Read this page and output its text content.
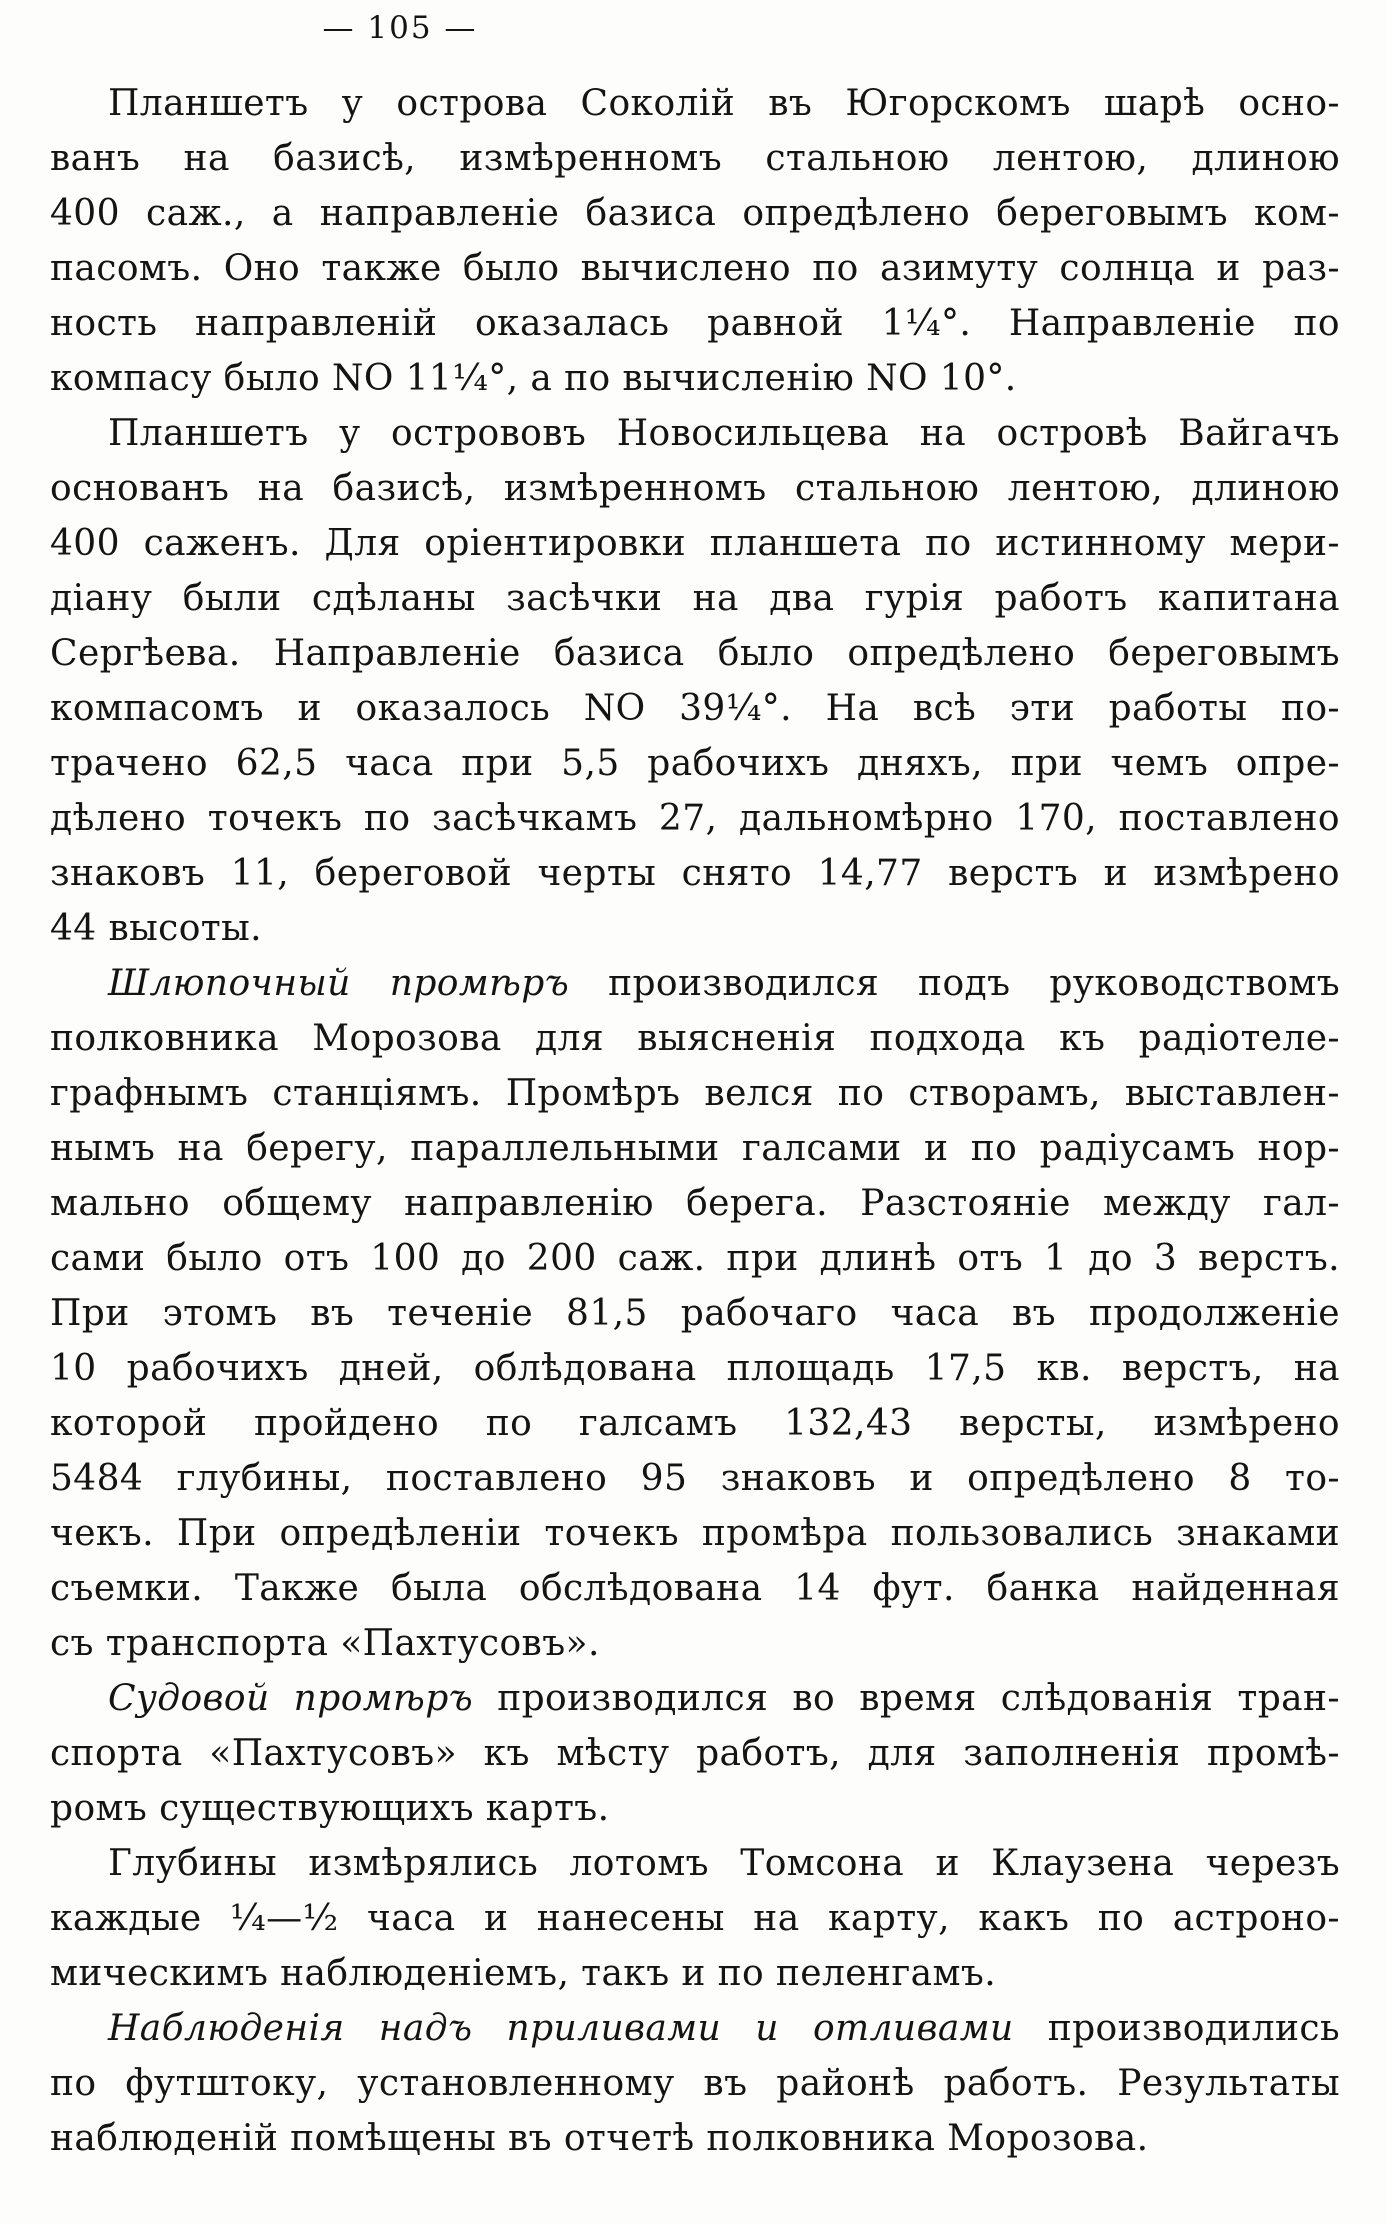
— 105 —
Планшетъ у острова Соколій въ Югорскомъ шарѣ осно-
ванъ на базисѣ, измѣренномъ стальною лентою, длиною
400 саж., а направленіе базиса опредѣлено береговымъ ком-
пасомъ. Оно также было вычислено по азимуту солнца и раз-
ность направленій оказалась равной 1¹⁄₄°. Направленіе по
компасу было NO 11¹⁄₄°, а по вычисленію NO 10°.
Планшетъ у острововъ Новосильцева на островѣ Вайгачъ
основанъ на базисѣ, измѣренномъ стальною лентою, длиною
400 саженъ. Для оріентировки планшета по истинному мери-
діану были сдѣланы засѣчки на два гурія работъ капитана
Сергѣева. Направленіе базиса было опредѣлено береговымъ
компасомъ и оказалось NO 39¹⁄₄°. На всѣ эти работы по-
трачено 62,5 часа при 5,5 рабочихъ дняхъ, при чемъ опре-
дѣлено точекъ по засѣчкамъ 27, дальномѣрно 170, поставлено
знаковъ 11, береговой черты снято 14,77 верстъ и измѣрено
44 высоты.
Шлюпочный промѣръ производился подъ руководствомъ
полковника Морозова для выясненія подхода къ радіотеле-
графнымъ станціямъ. Промѣръ велся по створамъ, выставлен-
нымъ на берегу, параллельными галсами и по радіусамъ нор-
мально общему направленію берега. Разстояніе между гал-
сами было отъ 100 до 200 саж. при длинѣ отъ 1 до 3 верстъ.
При этомъ въ теченіе 81,5 рабочаго часа въ продолженіе
10 рабочихъ дней, облѣдована площадь 17,5 кв. верстъ, на
которой пройдено по галсамъ 132,43 версты, измѣрено
5484 глубины, поставлено 95 знаковъ и опредѣлено 8 то-
чекъ. При опредѣленіи точекъ промѣра пользовались знаками
съемки. Также была обслѣдована 14 фут. банка найденная
съ транспорта «Пахтусовъ».
Судовой промѣръ производился во время слѣдованія тран-
спорта «Пахтусовъ» къ мѣсту работъ, для заполненія промѣ-
ромъ существующихъ картъ.
Глубины измѣрялись лотомъ Томсона и Клаузена черезъ
каждые ¹⁄₄—¹⁄₂ часа и нанесены на карту, какъ по астроно-
мическимъ наблюденіемъ, такъ и по пеленгамъ.
Наблюденія надъ приливами и отливами производились
по футштоку, установленному въ районѣ работъ. Результаты
наблюденій помѣщены въ отчетѣ полковника Морозова.
